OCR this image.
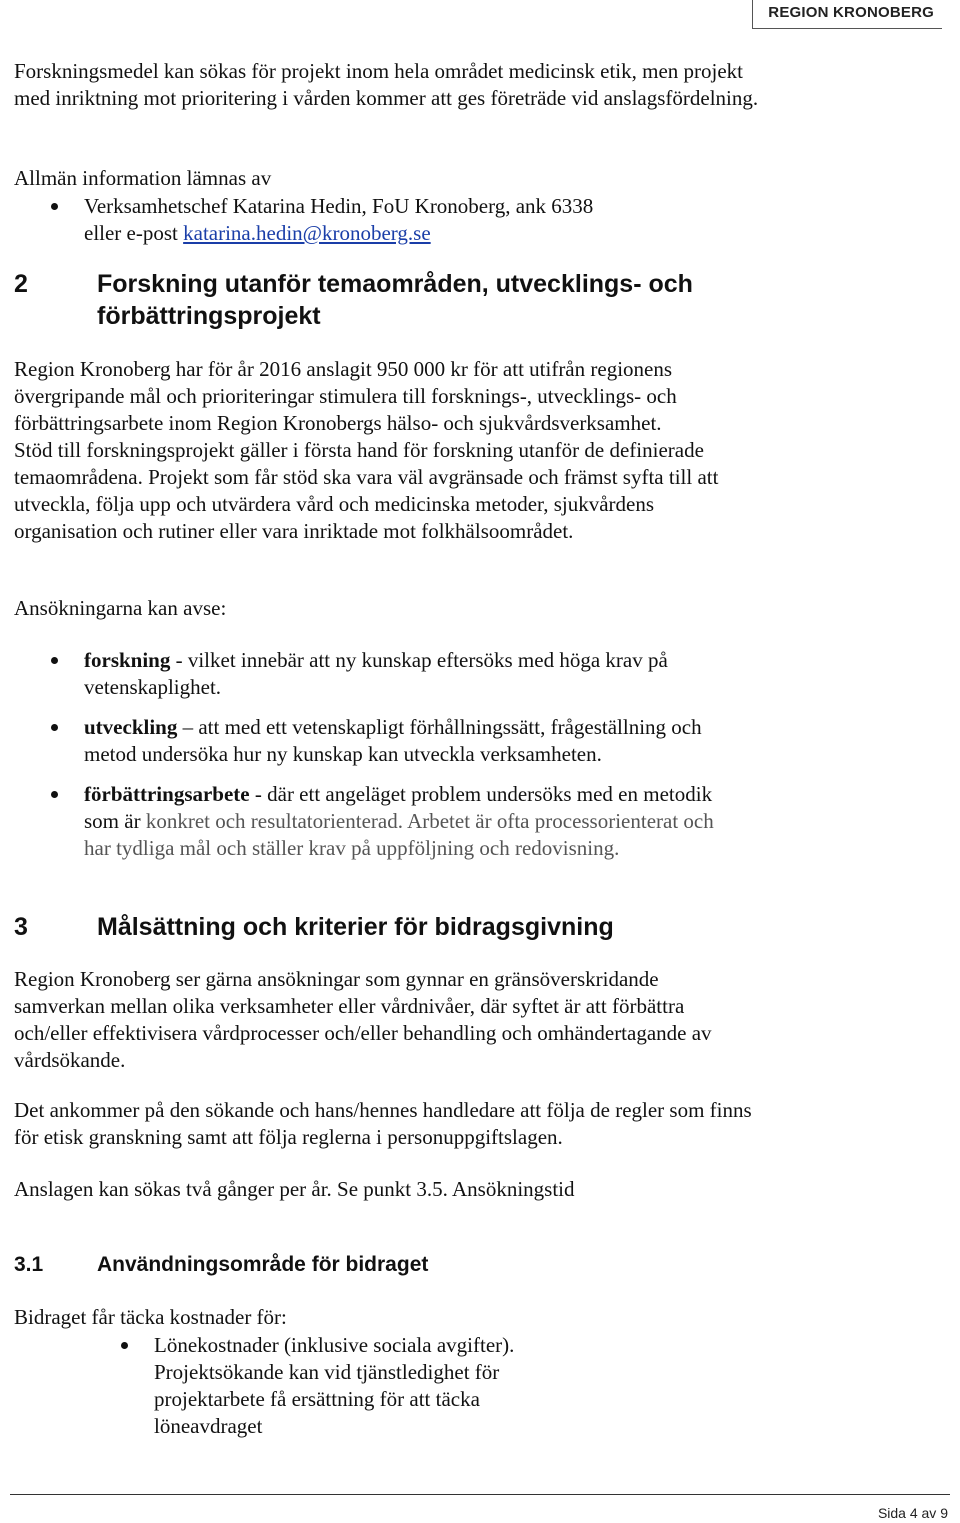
REGION KRONOBERG

Forskningsmedel kan sökas för projekt inom hela området medicinsk etik, men projekt med inriktning mot prioritering i vården kommer att ges företräde vid anslagsfördelning.

Allmän information lämnas av

Verksamhetschef Katarina Hedin, FoU Kronoberg, ank 6338
eller e-post katarina.hedin@kronoberg.se
2	Forskning utanför temaområden, utvecklings- och förbättringsprojekt

Region Kronoberg har för år 2016 anslagit 950 000 kr för att utifrån regionens övergripande mål och prioriteringar stimulera till forsknings-, utvecklings- och förbättringsarbete inom Region Kronobergs hälso- och sjukvårdsverksamhet.

Stöd till forskningsprojekt gäller i första hand för forskning utanför de definierade temaområdena. Projekt som får stöd ska vara väl avgränsade och främst syfta till att utveckla, följa upp och utvärdera vård och medicinska metoder, sjukvårdens organisation och rutiner eller vara inriktade mot folkhälsoområdet.

Ansökningarna kan avse:

forskning - vilket innebär att ny kunskap eftersöks med höga krav på vetenskaplighet.
utveckling – att med ett vetenskapligt förhållningssätt, frågeställning och metod undersöka hur ny kunskap kan utveckla verksamheten.
förbättringsarbete - där ett angeläget problem undersöks med en metodik som är konkret och resultatorienterad. Arbetet är ofta processorienterat och har tydliga mål och ställer krav på uppföljning och redovisning.
3	Målsättning och kriterier för bidragsgivning

Region Kronoberg ser gärna ansökningar som gynnar en gränsöverskridande samverkan mellan olika verksamheter eller vårdnivåer, där syftet är att förbättra och/eller effektivisera vårdprocesser och/eller behandling och omhändertagande av vårdsökande.

Det ankommer på den sökande och hans/hennes handledare att följa de regler som finns för etisk granskning samt att följa reglerna i personuppgiftslagen.

Anslagen kan sökas två gånger per år. Se punkt 3.5. Ansökningstid

3.1	Användningsområde för bidraget

Bidraget får täcka kostnader för:

Lönekostnader (inklusive sociala avgifter). Projektsökande kan vid tjänstledighet för projektarbete få ersättning för att täcka löneavdraget
Sida 4 av 9
